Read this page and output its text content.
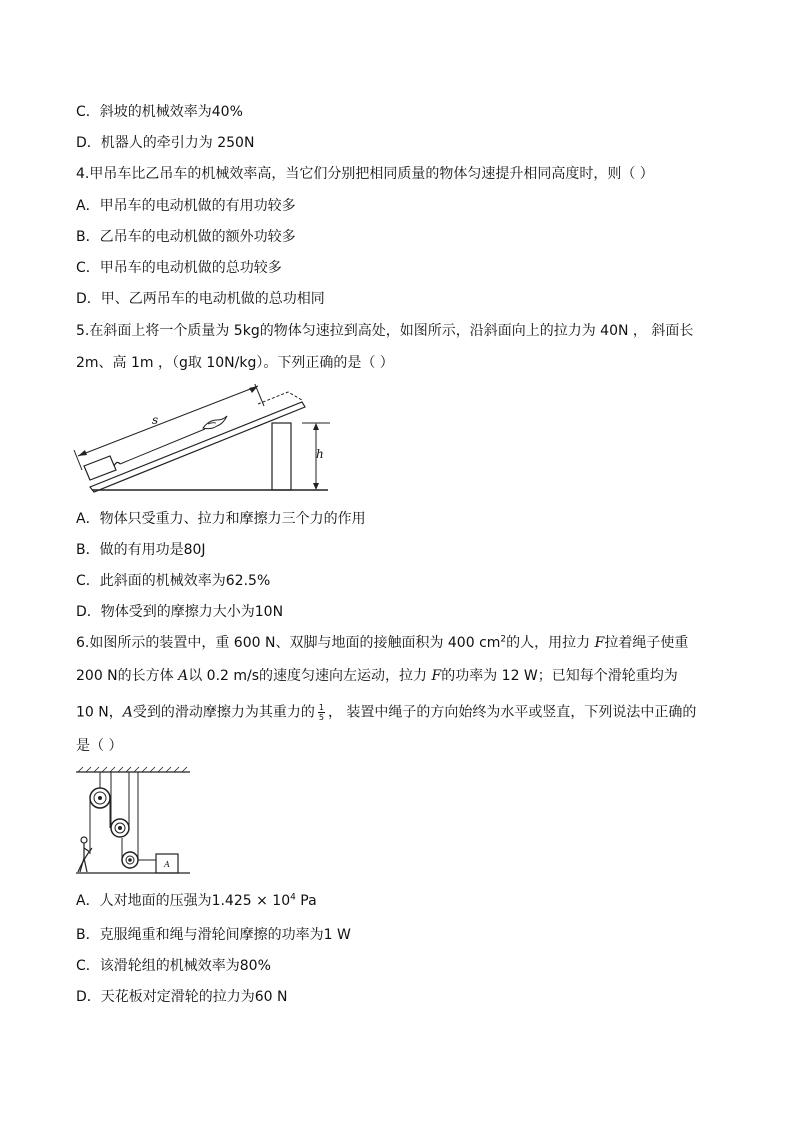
C．斜坡的机械效率为40%
D．机器人的牵引力为 250N
4.甲吊车比乙吊车的机械效率高，当它们分别把相同质量的物体匀速提升相同高度时，则（ ）
A．甲吊车的电动机做的有用功较多
B．乙吊车的电动机做的额外功较多
C．甲吊车的电动机做的总功较多
D．甲、乙两吊车的电动机做的总功相同
5.在斜面上将一个质量为 5kg的物体匀速拉到高处，如图所示，沿斜面向上的拉力为 40N ， 斜面长
2m、高 1m ，（g取 10N/kg）。下列正确的是（ ）
h
s
A．物体只受重力、拉力和摩擦力三个力的作用
B．做的有用功是80J
C．此斜面的机械效率为62.5%
D．物体受到的摩擦力大小为10N
6.如图所示的装置中，重 600 N、双脚与地面的接触面积为 400 $cm^2$的人，用拉力 F拉着绳子使重
200 N的长方体 A以 0.2 m/s的速度匀速向左运动，拉力 F的功率为 12 W；已知每个滑轮重均为
10 N，A受到的滑动摩擦力为其重力的 $\frac{1}{5}$ ， 装置中绳子的方向始终为水平或竖直，下列说法中正确的
是（ ）
A
A．人对地面的压强为$1.425 \times 10^4$ Pa
B．克服绳重和绳与滑轮间摩擦的功率为1 W
C．该滑轮组的机械效率为80%
D．天花板对定滑轮的拉力为60 N
